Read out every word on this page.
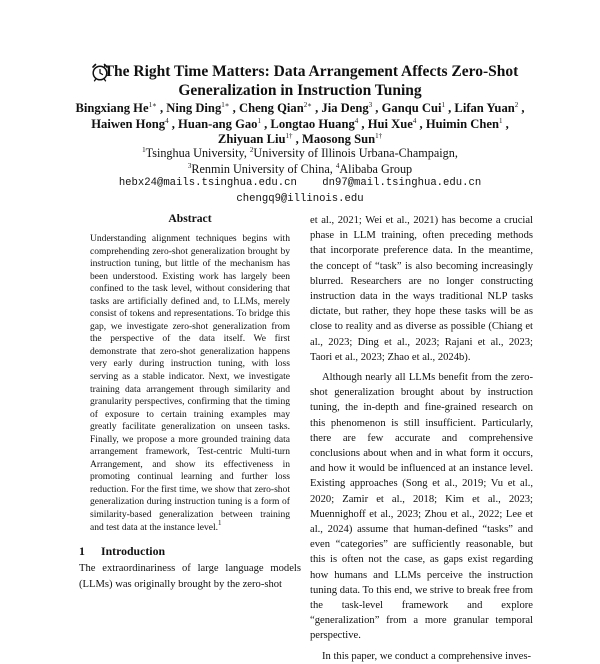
The Right Time Matters: Data Arrangement Affects Zero-Shot
Generalization in Instruction Tuning
Bingxiang $He^{1∗}$ , Ning Ding$^{1∗}$ , Cheng Qian$^{2∗}$ , Jia Deng$^3$ , Ganqu Cui$^1$ , Lifan Yuan$^2$ ,
Haiwen Hong$^4$ , Huan-ang Gao$^1$ , Longtao Huang$^4$ , Hui Xue$^4$ , Huimin Chen$^1$ ,
Zhiyuan Liu$^{1\dagger}$ , Maosong Sun$^{1\dagger}$
$^1$Tsinghua University, $^2$University of Illinois Urbana-Champaign,
$^3$Renmin University of China, $^4$Alibaba Group
hebx24@mails.tsinghua.edu.cn    dn97@mail.tsinghua.edu.cn
chengq9@illinois.edu
Abstract

Understanding alignment techniques begins with comprehending zero-shot generalization brought by instruction tuning, but little of the mechanism has been understood. Existing work has largely been confined to the task level, without considering that tasks are artificially defined and, to LLMs, merely consist of tokens and representations. To bridge this gap, we investigate zero-shot generalization from the perspective of the data itself. We first demonstrate that zero-shot generalization happens very early during instruction tuning, with loss serving as a stable indicator. Next, we investigate training data arrangement through similarity and granularity perspectives, confirming that the timing of exposure to certain training examples may greatly facilitate generalization on unseen tasks. Finally, we propose a more grounded training data arrangement framework, Test-centric Multi-turn Arrangement, and show its effectiveness in promoting continual learning and further loss reduction. For the first time, we show that zero-shot generalization during instruction tuning is a form of similarity-based generalization between training and test data at the instance level.$^1$

1 Introduction

The extraordinariness of large language models (LLMs) was originally brought by the zero-shot

et al., 2021; Wei et al., 2021) has become a crucial phase in LLM training, often preceding methods that incorporate preference data. In the meantime, the concept of “task” is also becoming increasingly blurred. Researchers are no longer constructing instruction data in the ways traditional NLP tasks dictate, but rather, they hope these tasks will be as close to reality and as diverse as possible (Chiang et al., 2023; Ding et al., 2023; Rajani et al., 2023; Taori et al., 2023; Zhao et al., 2024b).

Although nearly all LLMs benefit from the zero-shot generalization brought about by instruction tuning, the in-depth and fine-grained research on this phenomenon is still insufficient. Particularly, there are few accurate and comprehensive conclusions about when and in what form it occurs, and how it would be influenced at an instance level. Existing approaches (Song et al., 2019; Vu et al., 2020; Zamir et al., 2018; Kim et al., 2023; Muennighoff et al., 2023; Zhou et al., 2022; Lee et al., 2024) assume that human-defined “tasks” and even “categories” are sufficiently reasonable, but this is often not the case, as gaps exist regarding how humans and LLMs perceive the instruction tuning data. To this end, we strive to break free from the task-level framework and explore “generalization” from a more granular temporal perspective.

In this paper, we conduct a comprehensive inves-
